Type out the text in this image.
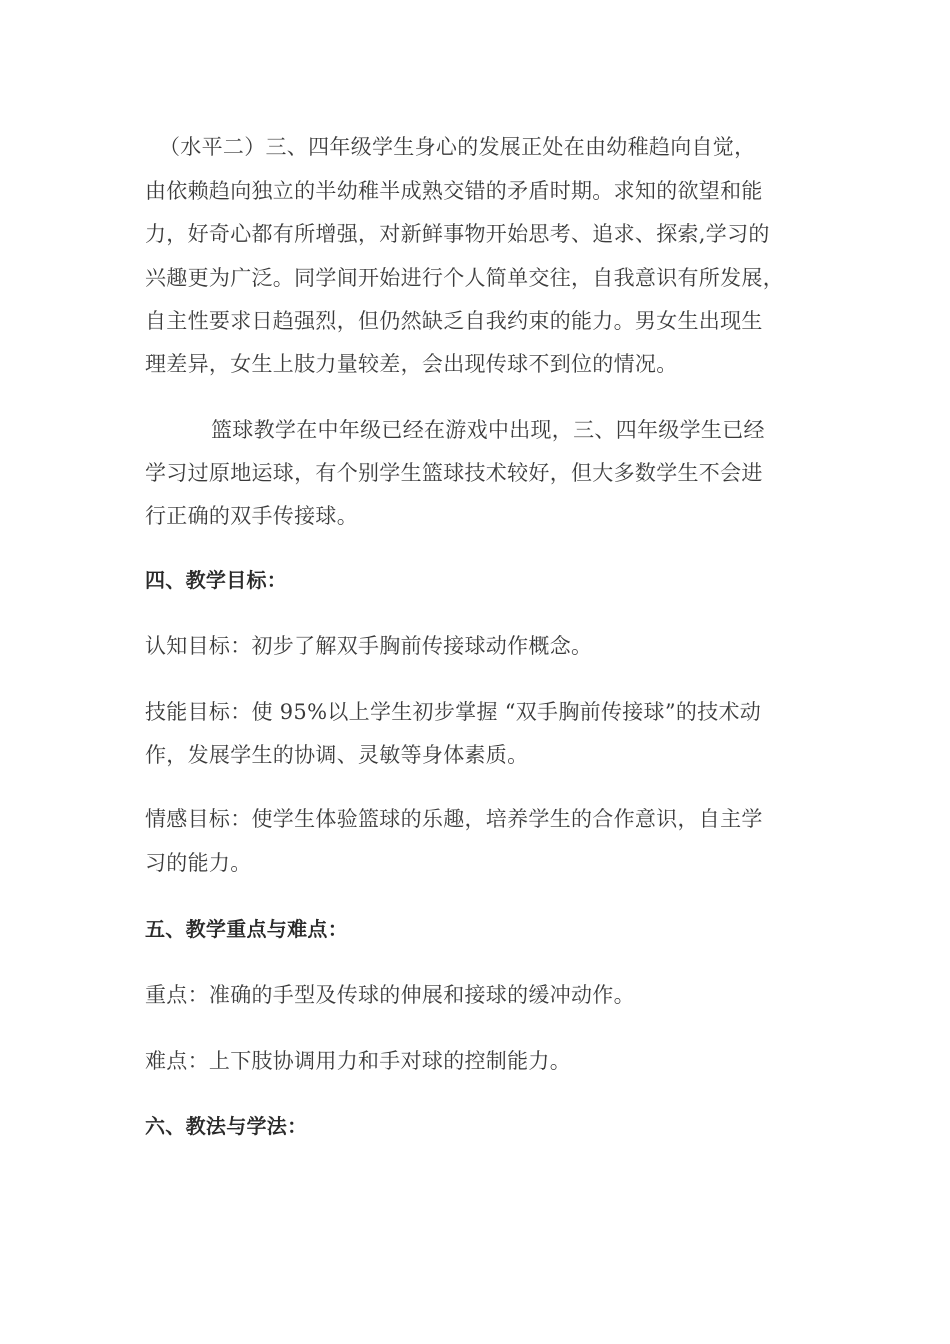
（水平二）三、四年级学生身心的发展正处在由幼稚趋向自觉，
由依赖趋向独立的半幼稚半成熟交错的矛盾时期。求知的欲望和能
力，好奇心都有所增强，对新鲜事物开始思考、追求、探索,学习的
兴趣更为广泛。同学间开始进行个人简单交往，自我意识有所发展，
自主性要求日趋强烈，但仍然缺乏自我约束的能力。男女生出现生
理差异，女生上肢力量较差，会出现传球不到位的情况。
篮球教学在中年级已经在游戏中出现，三、四年级学生已经
学习过原地运球，有个别学生篮球技术较好，但大多数学生不会进
行正确的双手传接球。
四、教学目标：
认知目标：初步了解双手胸前传接球动作概念。
技能目标：使 95%以上学生初步掌握 “双手胸前传接球”的技术动
作，发展学生的协调、灵敏等身体素质。
情感目标：使学生体验篮球的乐趣，培养学生的合作意识，自主学
习的能力。
五、教学重点与难点：
重点：准确的手型及传球的伸展和接球的缓冲动作。
难点：上下肢协调用力和手对球的控制能力。
六、教法与学法：
